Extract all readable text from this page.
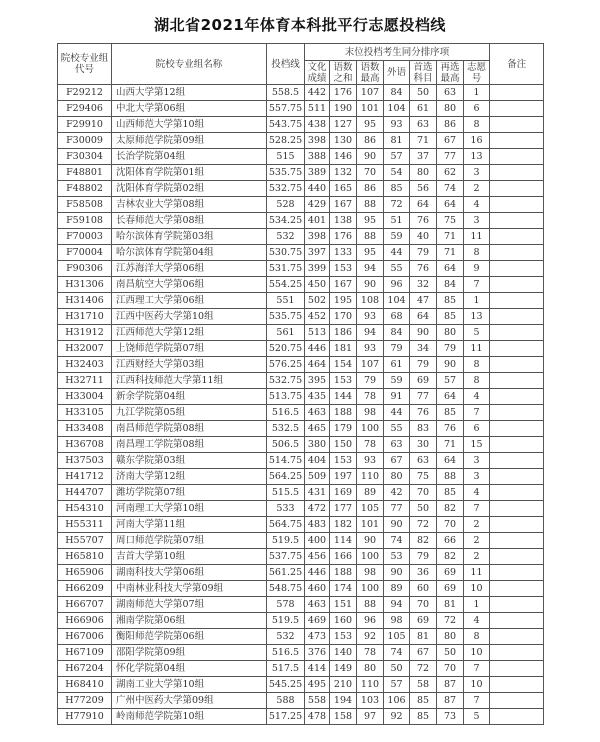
湖北省2021年体育本科批平行志愿投档线
院校专业组代号	院校专业组名称	投档线	末位投档考生同分排序项							备注
			文化成绩	语数之和	语数最高	外语	首选科目	再选最高	志愿号	
F29212	山西大学第12组	558.5	442	176	107	84	50	63	1	
F29406	中北大学第06组	557.75	511	190	101	104	61	80	6	
F29910	山西师范大学第10组	543.75	438	127	95	93	63	86	8	
F30009	太原师范学院第09组	528.25	398	130	86	81	71	67	16	
F30304	长治学院第04组	515	388	146	90	57	37	77	13	
F48801	沈阳体育学院第01组	535.75	389	132	70	54	80	62	3	
F48802	沈阳体育学院第02组	532.75	440	165	86	85	56	74	2	
F58508	吉林农业大学第08组	528	429	167	88	72	64	64	4	
F59108	长春师范大学第08组	534.25	401	138	95	51	76	75	3	
F70003	哈尔滨体育学院第03组	532	398	176	88	59	40	71	11	
F70004	哈尔滨体育学院第04组	530.75	397	133	95	44	79	71	8	
F90306	江苏海洋大学第06组	531.75	399	153	94	55	76	64	9	
H31306	南昌航空大学第06组	554.25	450	167	90	96	32	84	7	
H31406	江西理工大学第06组	551	502	195	108	104	47	85	1	
H31710	江西中医药大学第10组	535.75	452	170	93	68	64	85	13	
H31912	江西师范大学第12组	561	513	186	94	84	90	80	5	
H32007	上饶师范学院第07组	520.75	446	181	93	79	34	79	11	
H32403	江西财经大学第03组	576.25	464	154	107	61	79	90	8	
H32711	江西科技师范大学第11组	532.75	395	153	79	59	69	57	8	
H33004	新余学院第04组	513.75	435	144	78	91	77	64	4	
H33105	九江学院第05组	516.5	463	188	98	44	76	85	7	
H33408	南昌师范学院第08组	532.5	465	179	100	55	83	76	6	
H36708	南昌理工学院第08组	506.5	380	150	78	63	30	71	15	
H37503	赣东学院第03组	514.75	404	153	93	67	63	64	3	
H41712	济南大学第12组	564.25	509	197	110	80	75	88	3	
H44707	潍坊学院第07组	515.5	431	169	89	42	70	85	4	
H54310	河南理工大学第10组	533	472	177	105	77	50	82	7	
H55311	河南大学第11组	564.75	483	182	101	90	72	70	2	
H55707	周口师范学院第07组	519.5	400	114	90	74	82	66	2	
H65810	吉首大学第10组	537.75	456	166	100	53	79	82	2	
H65906	湖南科技大学第06组	561.25	446	188	98	90	36	69	11	
H66209	中南林业科技大学第09组	548.75	460	174	100	89	60	69	10	
H66707	湖南师范大学第07组	578	463	151	88	94	70	81	1	
H66906	湘南学院第06组	519.5	469	160	96	98	69	72	4	
H67006	衡阳师范学院第06组	532	473	153	92	105	81	80	8	
H67109	邵阳学院第09组	516.5	376	140	78	74	67	50	10	
H67204	怀化学院第04组	517.5	414	149	80	50	72	70	7	
H68410	湖南工业大学第10组	545.25	495	210	110	57	58	87	10	
H77209	广州中医药大学第09组	588	558	194	103	106	85	87	7	
H77910	岭南师范学院第10组	517.25	478	158	97	92	85	73	5	
